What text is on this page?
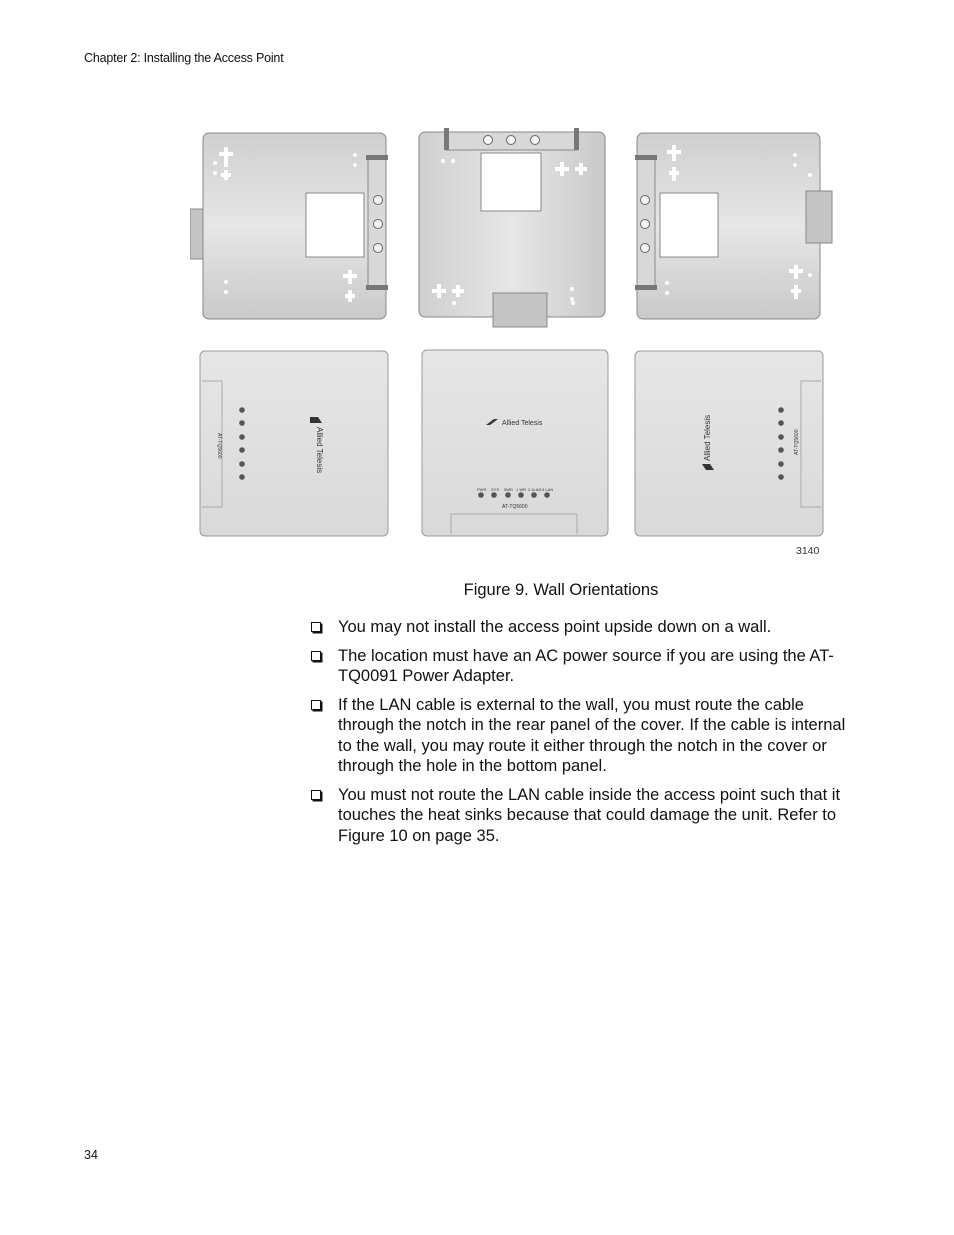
Chapter 2: Installing the Access Point
Allied Telesis
AT-TQ5600
Allied Telesis
PWR SYS 5WR 1 WR 2.4LAN 5 LAN
AT-TQ5600
Allied Telesis	AT-TQ5600
3140
Figure 9. Wall Orientations
You may not install the access point upside down on a wall.
The location must have an AC power source if you are using the AT-TQ0091 Power Adapter.
If the LAN cable is external to the wall, you must route the cable through the notch in the rear panel of the cover. If the cable is internal to the wall, you may route it either through the notch in the cover or through the hole in the bottom panel.
You must not route the LAN cable inside the access point such that it touches the heat sinks because that could damage the unit. Refer to Figure 10 on page 35.
34
